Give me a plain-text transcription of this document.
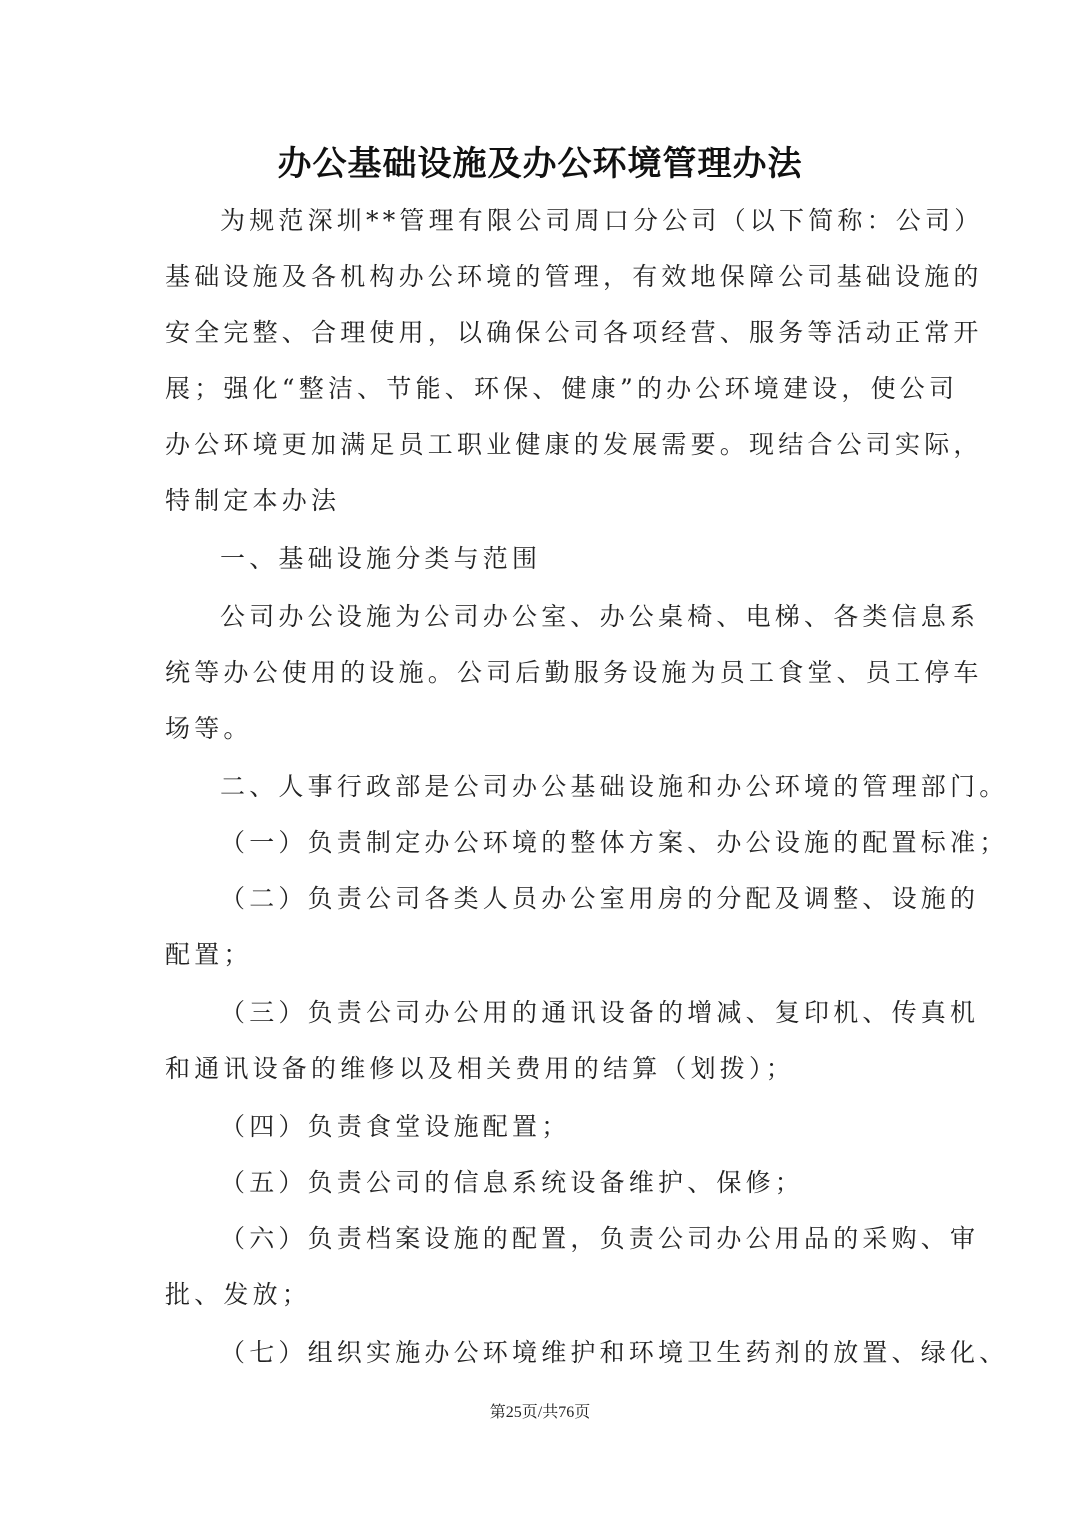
办公基础设施及办公环境管理办法
为规范深圳**管理有限公司周口分公司（以下简称：公司）
基础设施及各机构办公环境的管理，有效地保障公司基础设施的
安全完整、合理使用，以确保公司各项经营、服务等活动正常开
展；强化“整洁、节能、环保、健康”的办公环境建设，使公司
办公环境更加满足员工职业健康的发展需要。现结合公司实际，
特制定本办法
一、基础设施分类与范围
公司办公设施为公司办公室、办公桌椅、电梯、各类信息系
统等办公使用的设施。公司后勤服务设施为员工食堂、员工停车
场等。
二、人事行政部是公司办公基础设施和办公环境的管理部门。
（一）负责制定办公环境的整体方案、办公设施的配置标准；
（二）负责公司各类人员办公室用房的分配及调整、设施的
配置；
（三）负责公司办公用的通讯设备的增减、复印机、传真机
和通讯设备的维修以及相关费用的结算（划拨）；
（四）负责食堂设施配置；
（五）负责公司的信息系统设备维护、保修；
（六）负责档案设施的配置，负责公司办公用品的采购、审
批、发放；
（七）组织实施办公环境维护和环境卫生药剂的放置、绿化、
第25页/共76页
